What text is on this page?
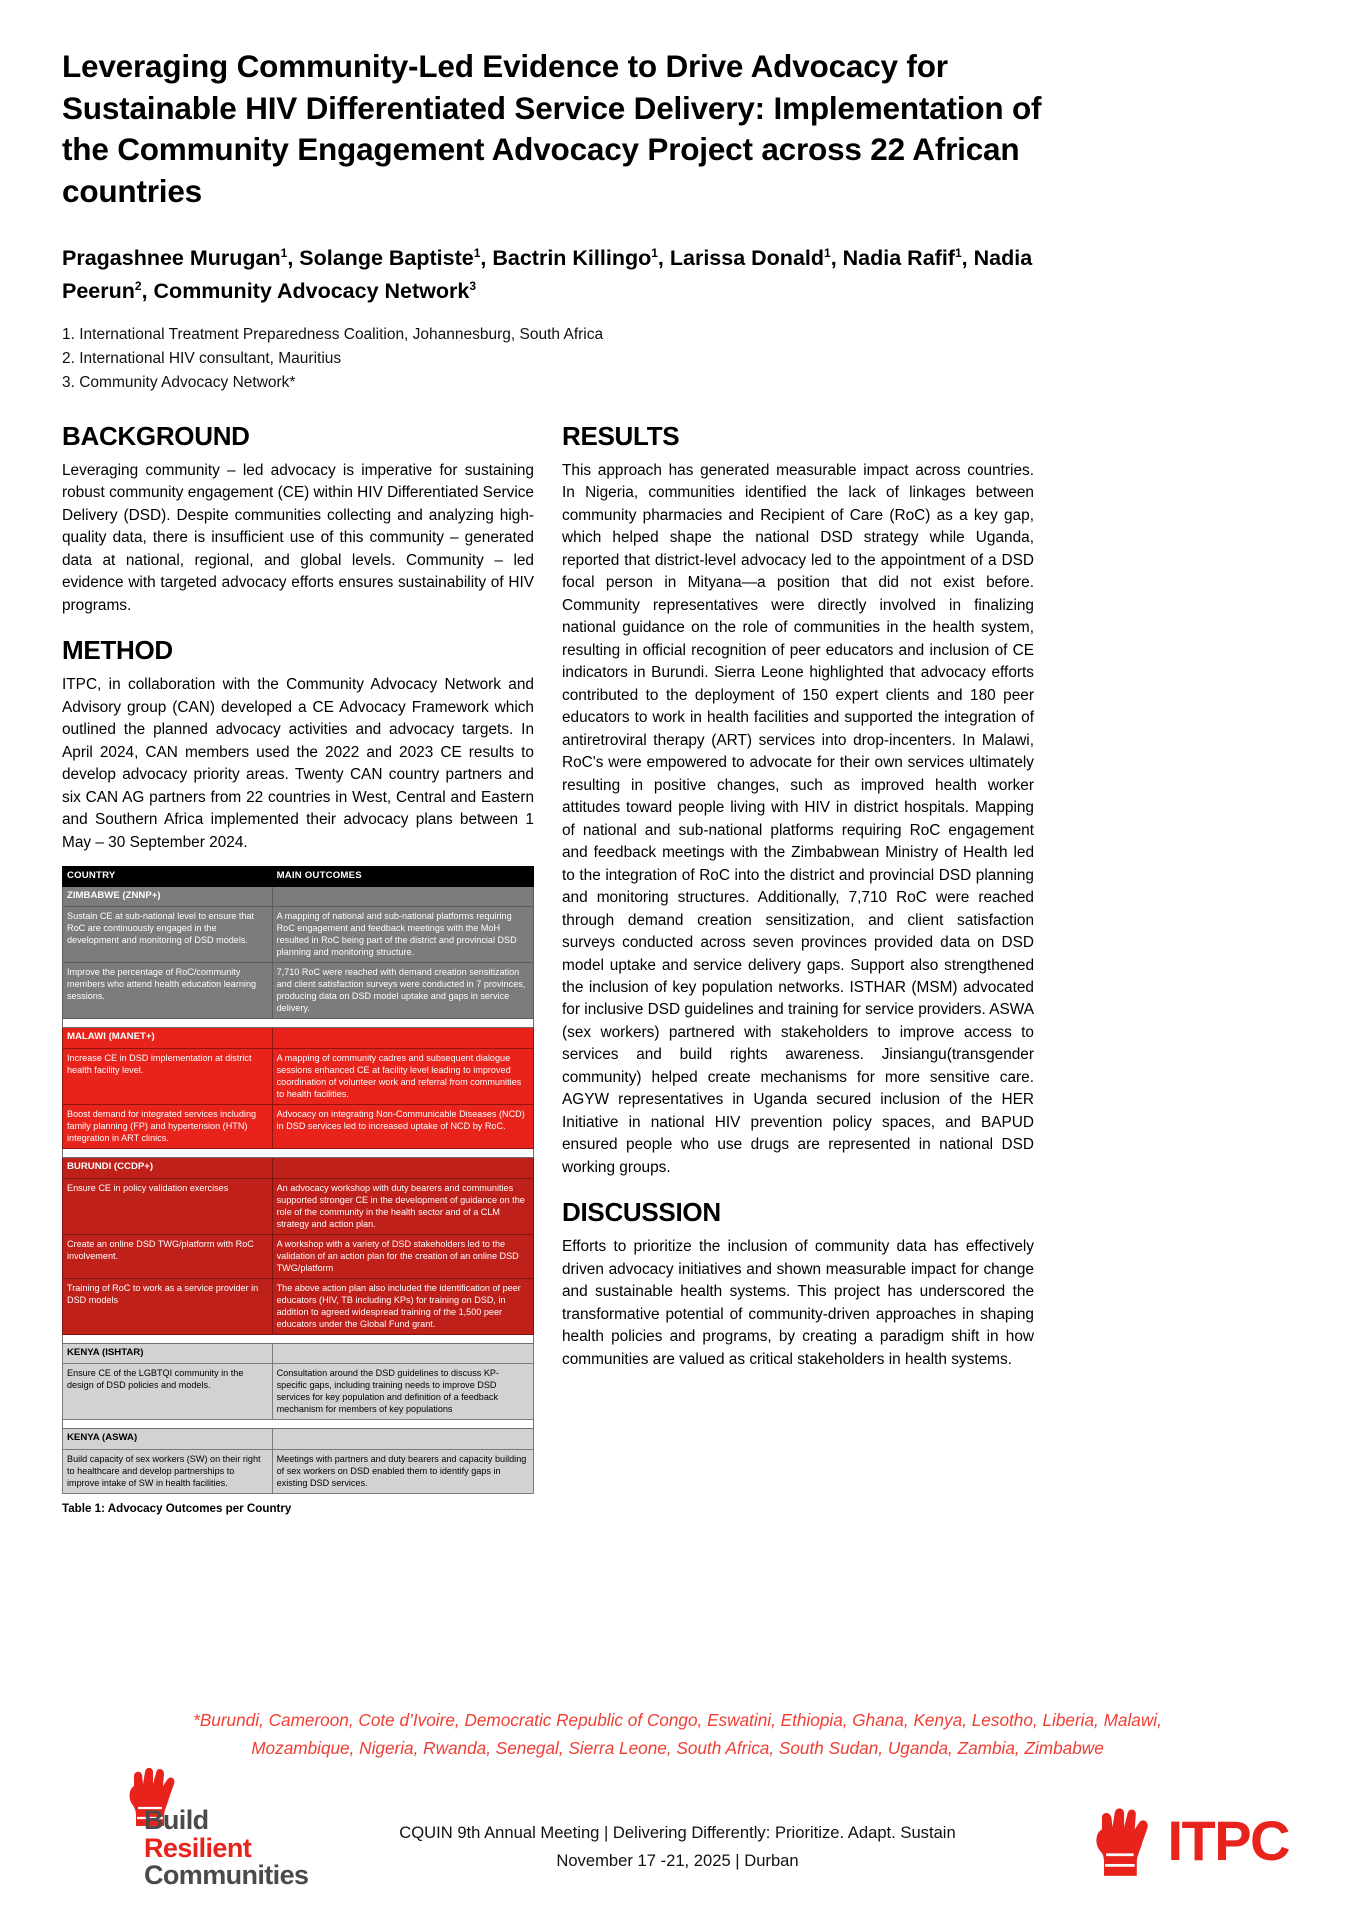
Leveraging Community-Led Evidence to Drive Advocacy for Sustainable HIV Differentiated Service Delivery: Implementation of the Community Engagement Advocacy Project across 22 African countries
Pragashnee Murugan$^1$, Solange Baptiste$^1$, Bactrin Killingo$^1$, Larissa Donald$^1$, Nadia Rafif$^1$, Nadia Peerun$^2$, Community Advocacy Network$^3$
1. International Treatment Preparedness Coalition, Johannesburg, South Africa
2. International HIV consultant, Mauritius
3. Community Advocacy Network*
BACKGROUND

Leveraging community – led advocacy is imperative for sustaining robust community engagement (CE) within HIV Differentiated Service Delivery (DSD). Despite communities collecting and analyzing high-quality data, there is insufficient use of this community – generated data at national, regional, and global levels. Community – led evidence with targeted advocacy efforts ensures sustainability of HIV programs.

METHOD

ITPC, in collaboration with the Community Advocacy Network and Advisory group (CAN) developed a CE Advocacy Framework which outlined the planned advocacy activities and advocacy targets. In April 2024, CAN members used the 2022 and 2023 CE results to develop advocacy priority areas. Twenty CAN country partners and six CAN AG partners from 22 countries in West, Central and Eastern and Southern Africa implemented their advocacy plans between 1 May – 30 September 2024.

COUNTRY	MAIN OUTCOMES
ZIMBABWE (ZNNP+)	
Sustain CE at sub-national level to ensure that RoC are continuously engaged in the development and monitoring of DSD models.	A mapping of national and sub-national platforms requiring RoC engagement and feedback meetings with the MoH resulted in RoC being part of the district and provincial DSD planning and monitoring structure.
Improve the percentage of RoC/community members who attend health education learning sessions.	7,710 RoC were reached with demand creation sensitization and client satisfaction surveys were conducted in 7 provinces, producing data on DSD model uptake and gaps in service delivery.

MALAWI (MANET+)	
Increase CE in DSD implementation at district health facility level.	A mapping of community cadres and subsequent dialogue sessions enhanced CE at facility level leading to improved coordination of volunteer work and referral from communities to health facilities.
Boost demand for integrated services including family planning (FP) and hypertension (HTN) integration in ART clinics.	Advocacy on integrating Non-Communicable Diseases (NCD) in DSD services led to increased uptake of NCD by RoC.

BURUNDI (CCDP+)	
Ensure CE in policy validation exercises	An advocacy workshop with duty bearers and communities supported stronger CE in the development of guidance on the role of the community in the health sector and of a CLM strategy and action plan.
Create an online DSD TWG/platform with RoC involvement.	A workshop with a variety of DSD stakeholders led to the validation of an action plan for the creation of an online DSD TWG/platform
Training of RoC to work as a service provider in DSD models	The above action plan also included the identification of peer educators (HIV, TB including KPs) for training on DSD, in addition to agreed widespread training of the 1,500 peer educators under the Global Fund grant.

KENYA (ISHTAR)	
Ensure CE of the LGBTQI community in the design of DSD policies and models.	Consultation around the DSD guidelines to discuss KP-specific gaps, including training needs to improve DSD services for key population and definition of a feedback mechanism for members of key populations

KENYA (ASWA)	
Build capacity of sex workers (SW) on their right to healthcare and develop partnerships to improve intake of SW in health facilities.	Meetings with partners and duty bearers and capacity building of sex workers on DSD enabled them to identify gaps in existing DSD services.
Table 1: Advocacy Outcomes per Country
RESULTS

This approach has generated measurable impact across countries. In Nigeria, communities identified the lack of linkages between community pharmacies and Recipient of Care (RoC) as a key gap, which helped shape the national DSD strategy while Uganda, reported that district-level advocacy led to the appointment of a DSD focal person in Mityana—a position that did not exist before. Community representatives were directly involved in finalizing national guidance on the role of communities in the health system, resulting in official recognition of peer educators and inclusion of CE indicators in Burundi. Sierra Leone highlighted that advocacy efforts contributed to the deployment of 150 expert clients and 180 peer educators to work in health facilities and supported the integration of antiretroviral therapy (ART) services into drop-incenters. In Malawi, RoC's were empowered to advocate for their own services ultimately resulting in positive changes, such as improved health worker attitudes toward people living with HIV in district hospitals. Mapping of national and sub-national platforms requiring RoC engagement and feedback meetings with the Zimbabwean Ministry of Health led to the integration of RoC into the district and provincial DSD planning and monitoring structures. Additionally, 7,710 RoC were reached through demand creation sensitization, and client satisfaction surveys conducted across seven provinces provided data on DSD model uptake and service delivery gaps. Support also strengthened the inclusion of key population networks. ISTHAR (MSM) advocated for inclusive DSD guidelines and training for service providers. ASWA (sex workers) partnered with stakeholders to improve access to services and build rights awareness. Jinsiangu(transgender community) helped create mechanisms for more sensitive care. AGYW representatives in Uganda secured inclusion of the HER Initiative in national HIV prevention policy spaces, and BAPUD ensured people who use drugs are represented in national DSD working groups.

DISCUSSION

Efforts to prioritize the inclusion of community data has effectively driven advocacy initiatives and shown measurable impact for change and sustainable health systems. This project has underscored the transformative potential of community-driven approaches in shaping health policies and programs, by creating a paradigm shift in how communities are valued as critical stakeholders in health systems.

*Burundi, Cameroon, Cote d’Ivoire, Democratic Republic of Congo, Eswatini, Ethiopia, Ghana, Kenya, Lesotho, Liberia, Malawi,
Mozambique, Nigeria, Rwanda, Senegal, Sierra Leone, South Africa, South Sudan, Uganda, Zambia, Zimbabwe
Build
Resilient
Communities
CQUIN 9th Annual Meeting | Delivering Differently: Prioritize. Adapt. Sustain
November 17 -21, 2025 | Durban	ITPC
